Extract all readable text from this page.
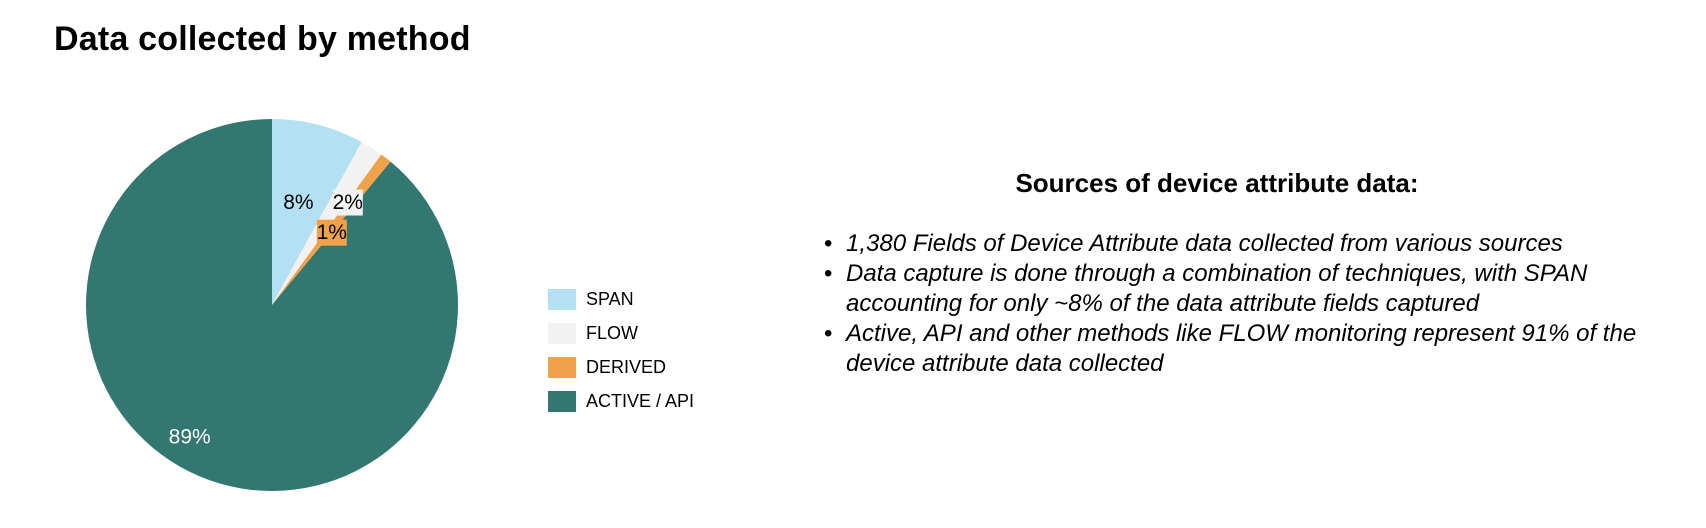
Data collected by method
8% 2%
1%
89%
SPAN
FLOW
DERIVED
ACTIVE / API
Sources of device attribute data:
• 1,380 Fields of Device Attribute data collected from various sources
• Data capture is done through a combination of techniques, with SPAN accounting for only ~8% of the data attribute fields captured
• Active, API and other methods like FLOW monitoring represent 91% of the device attribute data collected
